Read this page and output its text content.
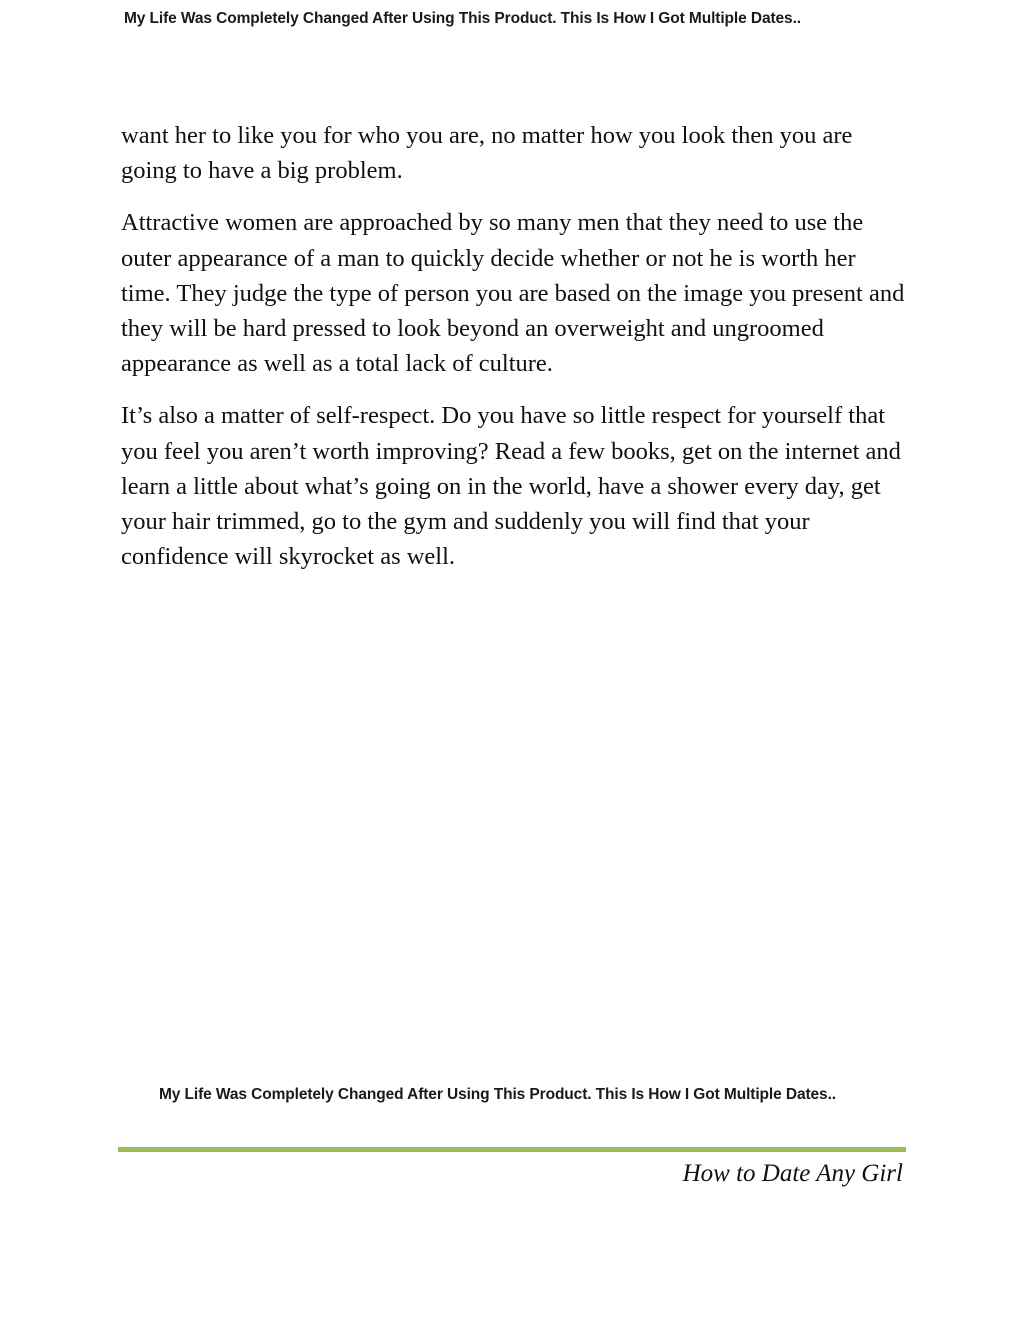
My Life Was Completely Changed After Using This Product. This Is How I Got Multiple Dates..

want her to like you for who you are, no matter how you look then you are going to have a big problem.

Attractive women are approached by so many men that they need to use the outer appearance of a man to quickly decide whether or not he is worth her time. They judge the type of person you are based on the image you present and they will be hard pressed to look beyond an overweight and ungroomed appearance as well as a total lack of culture.

It’s also a matter of self-respect. Do you have so little respect for yourself that you feel you aren’t worth improving? Read a few books, get on the internet and learn a little about what’s going on in the world, have a shower every day, get your hair trimmed, go to the gym and suddenly you will find that your confidence will skyrocket as well.

My Life Was Completely Changed After Using This Product. This Is How I Got Multiple Dates..
How to Date Any Girl
